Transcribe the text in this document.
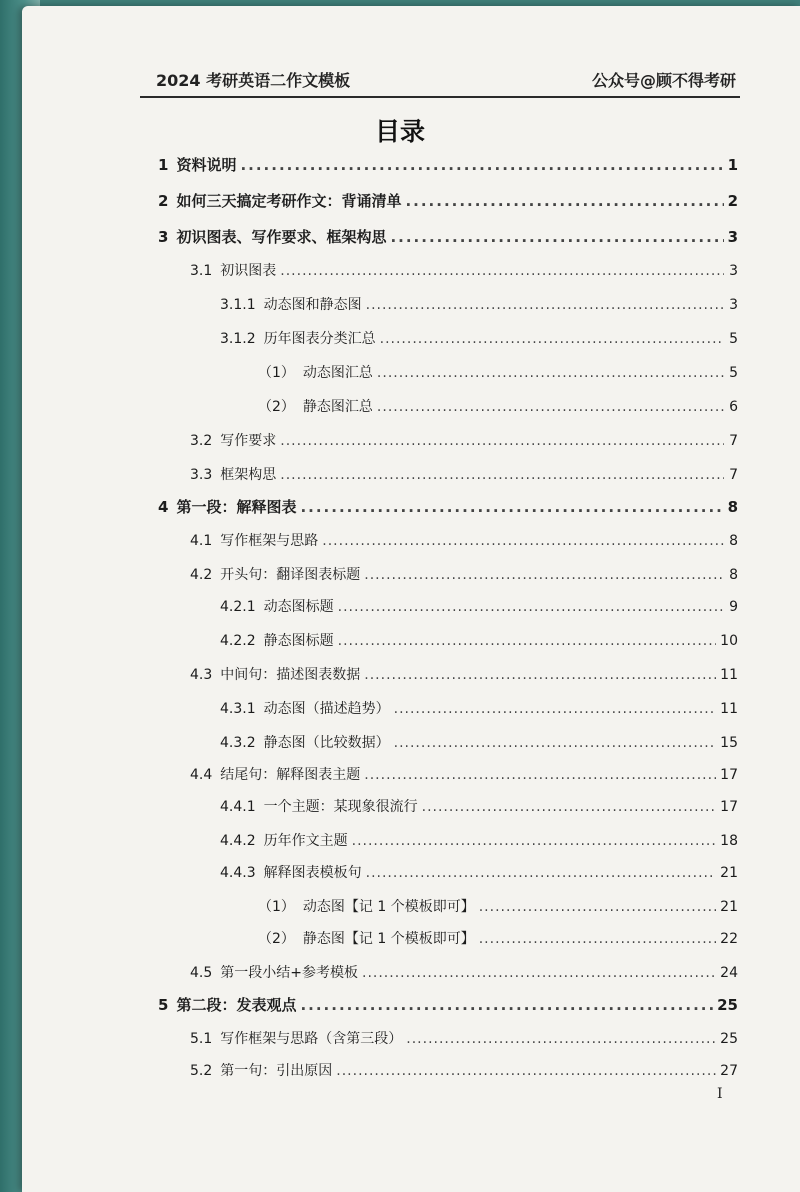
2024 考研英语二作文模板	公众号@顾不得考研
目录
1 资料说明 .....	1
2 如何三天搞定考研作文：背诵清单 .....	2
3 初识图表、写作要求、框架构思 .....	3
3.1 初识图表 .....	3
3.1.1 动态图和静态图 .....	3
3.1.2 历年图表分类汇总 .....	5
（1） 动态图汇总 .....	5
（2） 静态图汇总 .....	6
3.2 写作要求 .....	7
3.3 框架构思 .....	7
4 第一段：解释图表 .....	8
4.1 写作框架与思路 .....	8
4.2 开头句：翻译图表标题 .....	8
4.2.1 动态图标题 .....	9
4.2.2 静态图标题 .....	10
4.3 中间句：描述图表数据 .....	11
4.3.1 动态图（描述趋势） .....	11
4.3.2 静态图（比较数据） .....	15
4.4 结尾句：解释图表主题 .....	17
4.4.1 一个主题：某现象很流行 .....	17
4.4.2 历年作文主题 .....	18
4.4.3 解释图表模板句 .....	21
（1） 动态图【记 1 个模板即可】 .....	21
（2） 静态图【记 1 个模板即可】 .....	22
4.5 第一段小结+参考模板 .....	24
5 第二段：发表观点 .....	25
5.1 写作框架与思路（含第三段） .....	25
5.2 第一句：引出原因 .....	27
I
